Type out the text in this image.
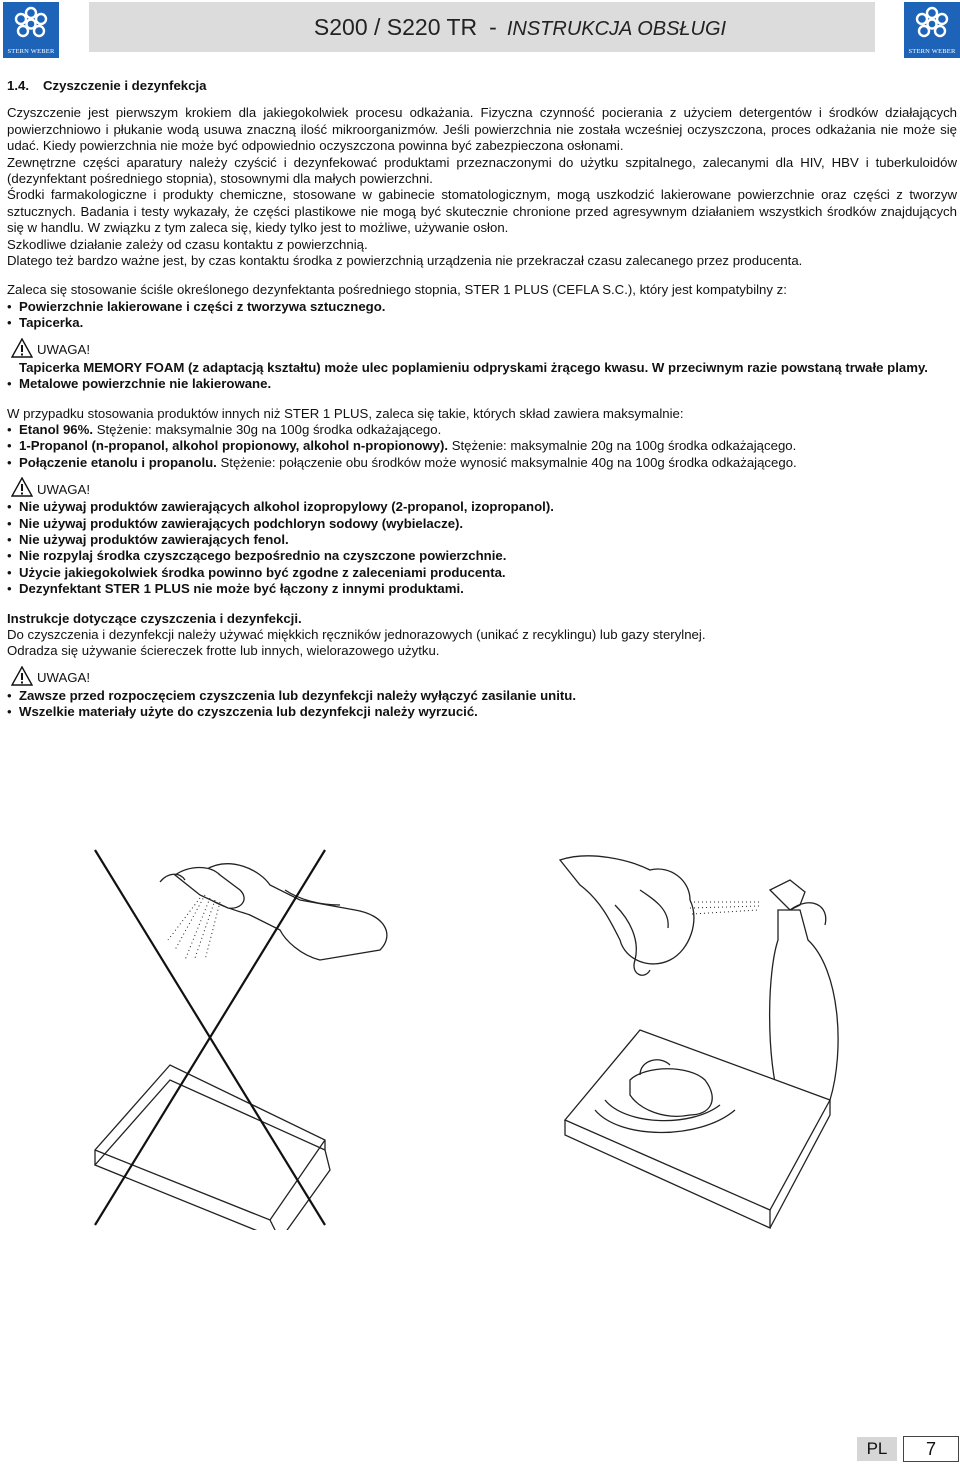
STERN WEBER
S200 / S220 TR - INSTRUKCJA OBSŁUGI
STERN WEBER
1.4. Czyszczenie i dezynfekcja

Czyszczenie jest pierwszym krokiem dla jakiegokolwiek procesu odkażania. Fizyczna czynność pocierania z użyciem detergentów i środków działających powierzchniowo i płukanie wodą usuwa znaczną ilość mikroorganizmów. Jeśli powierzchnia nie została wcześniej oczyszczona, proces odkażania nie może się udać. Kiedy powierzchnia nie może być odpowiednio oczyszczona powinna być zabezpieczona osłonami.

Zewnętrzne części aparatury należy czyścić i dezynfekować produktami przeznaczonymi do użytku szpitalnego, zalecanymi dla HIV, HBV i tuberkuloidów (dezynfektant pośredniego stopnia), stosownymi dla małych powierzchni.

Środki farmakologiczne i produkty chemiczne, stosowane w gabinecie stomatologicznym, mogą uszkodzić lakierowane powierzchnie oraz części z tworzyw sztucznych. Badania i testy wykazały, że części plastikowe nie mogą być skutecznie chronione przed agresywnym działaniem wszystkich środków znajdujących się w handlu. W związku z tym zaleca się, kiedy tylko jest to możliwe, używanie osłon.

Szkodliwe działanie zależy od czasu kontaktu z powierzchnią.

Dlatego też bardzo ważne jest, by czas kontaktu środka z powierzchnią urządzenia nie przekraczał czasu zalecanego przez producenta.

Zaleca się stosowanie ściśle określonego dezynfektanta pośredniego stopnia, STER 1 PLUS (CEFLA S.C.), który jest kompatybilny z:

• Powierzchnie lakierowane i części z tworzywa sztucznego.
• Tapicerka.
UWAGA!

Tapicerka MEMORY FOAM (z adaptacją kształtu) może ulec poplamieniu odpryskami żrącego kwasu. W przeciwnym razie powstaną trwałe plamy.

• Metalowe powierzchnie nie lakierowane.

W przypadku stosowania produktów innych niż STER 1 PLUS, zaleca się takie, których skład zawiera maksymalnie:

• Etanol 96%. Stężenie: maksymalnie 30g na 100g środka odkażającego.
• 1-Propanol (n-propanol, alkohol propionowy, alkohol n-propionowy). Stężenie: maksymalnie 20g na 100g środka odkażającego.
• Połączenie etanolu i propanolu. Stężenie: połączenie obu środków może wynosić maksymalnie 40g na 100g środka odkażającego.
UWAGA!
• Nie używaj produktów zawierających alkohol izopropylowy (2-propanol, izopropanol).
• Nie używaj produktów zawierających podchloryn sodowy (wybielacze).
• Nie używaj produktów zawierających fenol.
• Nie rozpylaj środka czyszczącego bezpośrednio na czyszczone powierzchnie.
• Użycie jakiegokolwiek środka powinno być zgodne z zaleceniami producenta.
• Dezynfektant STER 1 PLUS nie może być łączony z innymi produktami.

Instrukcje dotyczące czyszczenia i dezynfekcji.

Do czyszczenia i dezynfekcji należy używać miękkich ręczników jednorazowych (unikać z recyklingu) lub gazy sterylnej.

Odradza się używanie ściereczek frotte lub innych, wielorazowego użytku.

UWAGA!
• Zawsze przed rozpoczęciem czyszczenia lub dezynfekcji należy wyłączyć zasilanie unitu.
• Wszelkie materiały użyte do czyszczenia lub dezynfekcji należy wyrzucić.
PL	7
